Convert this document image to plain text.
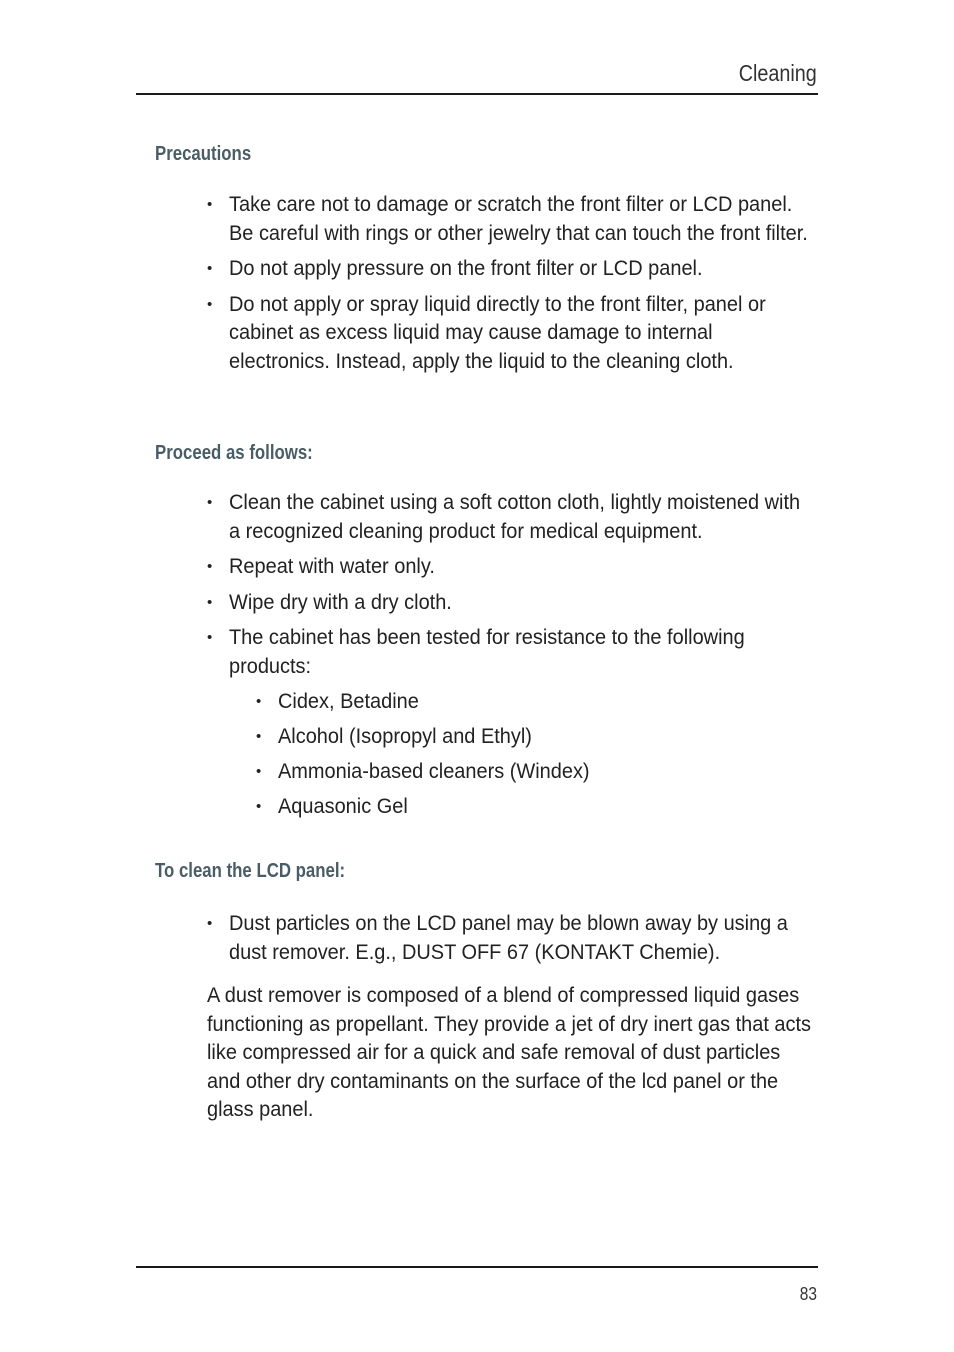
Cleaning
Precautions
• Take care not to damage or scratch the front filter or LCD panel. Be careful with rings or other jewelry that can touch the front filter.
• Do not apply pressure on the front filter or LCD panel.
• Do not apply or spray liquid directly to the front filter, panel or cabinet as excess liquid may cause damage to internal electronics. Instead, apply the liquid to the cleaning cloth.
Proceed as follows:
• Clean the cabinet using a soft cotton cloth, lightly moistened with a recognized cleaning product for medical equipment.
• Repeat with water only.
• Wipe dry with a dry cloth.
• The cabinet has been tested for resistance to the following products:
• Cidex, Betadine
• Alcohol (Isopropyl and Ethyl)
• Ammonia-based cleaners (Windex)
• Aquasonic Gel
To clean the LCD panel:
• Dust particles on the LCD panel may be blown away by using a dust remover. E.g., DUST OFF 67 (KONTAKT Chemie).

A dust remover is composed of a blend of compressed liquid gases functioning as propellant. They provide a jet of dry inert gas that acts like compressed air for a quick and safe removal of dust particles and other dry contaminants on the surface of the lcd panel or the glass panel.

83
